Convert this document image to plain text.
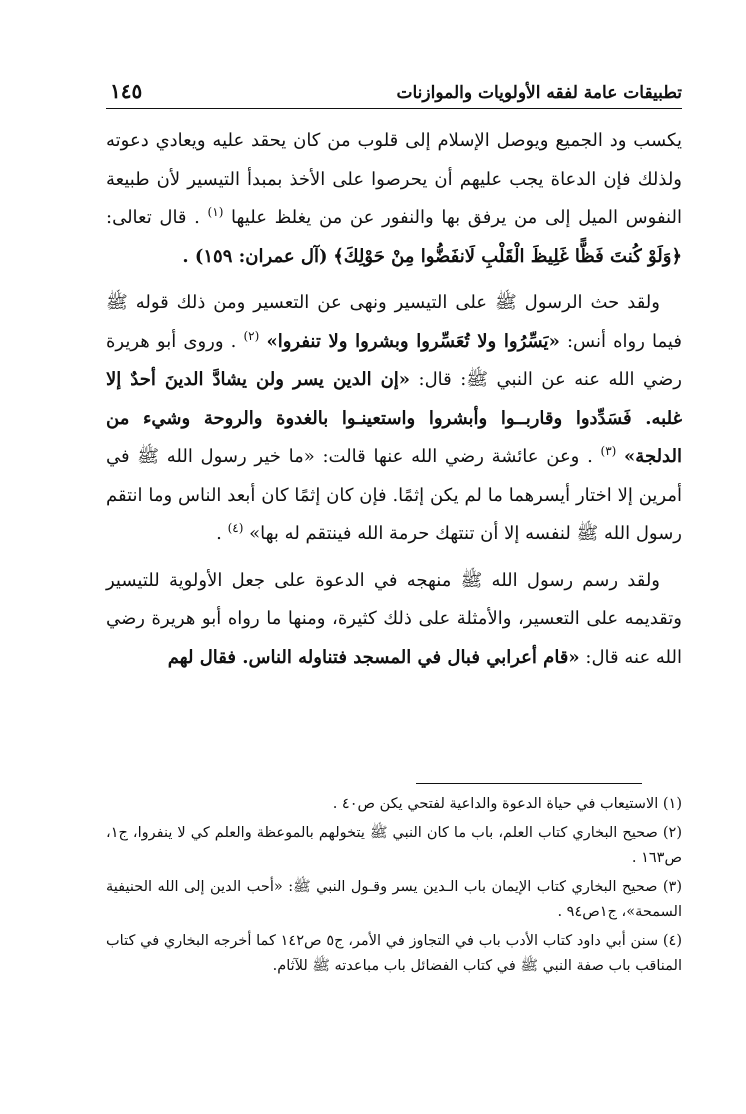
تطبيقات عامة لفقه الأولويات والموازنات
١٤٥

يكسب ود الجميع ويوصل الإسلام إلى قلوب من كان يحقد عليه ويعادي دعوته ولذلك فإن الدعاة يجب عليهم أن يحرصوا على الأخذ بمبدأ التيسير لأن طبيعة النفوس الميل إلى من يرفق بها والنفور عن من يغلظ عليها $^{(١)}$ . قال تعالى: ﴿وَلَوْ كُنتَ فَظًّا غَلِيظَ الْقَلْبِ لَانفَضُّوا مِنْ حَوْلِكَ﴾ (آل عمران: ١٥٩) .

ولقد حث الرسول ﷺ على التيسير ونهى عن التعسير ومن ذلك قوله ﷺ فيما رواه أنس: «يَسِّرُوا ولا تُعَسِّروا وبشروا ولا تنفروا» $^{(٢)}$ . وروى أبو هريرة رضي الله عنه عن النبي ﷺ: قال: «إن الدين يسر ولن يشادَّ الدينَ أحدٌ إلا غلبه. فَسَدِّدوا وقاربــوا وأبشروا واستعينـوا بالغدوة والروحة وشيء من الدلجة» $^{(٣)}$ . وعن عائشة رضي الله عنها قالت: «ما خير رسول الله ﷺ في أمرين إلا اختار أيسرهما ما لم يكن إثمًا. فإن كان إثمًا كان أبعد الناس وما انتقم رسول الله ﷺ لنفسه إلا أن تنتهك حرمة الله فينتقم له بها» $^{(٤)}$ .

ولقد رسم رسول الله ﷺ منهجه في الدعوة على جعل الأولوية للتيسير وتقديمه على التعسير، والأمثلة على ذلك كثيرة، ومنها ما رواه أبو هريرة رضي الله عنه قال: «قام أعرابي فبال في المسجد فتناوله الناس. فقال لهم

(١) الاستيعاب في حياة الدعوة والداعية لفتحي يكن ص٤٠ .

(٢) صحيح البخاري كتاب العلم، باب ما كان النبي ﷺ يتخولهم بالموعظة والعلم كي لا ينفروا، ج١، ص١٦٣ .

(٣) صحيح البخاري كتاب الإيمان باب الـدين يسر وقـول النبي ﷺ: «أحب الدين إلى الله الحنيفية السمحة»، ج١ص٩٤ .

(٤) سنن أبي داود كتاب الأدب باب في التجاوز في الأمر، ج٥ ص١٤٢ كما أخرجه البخاري في كتاب المناقب باب صفة النبي ﷺ في كتاب الفضائل باب مباعدته ﷺ للآثام.
